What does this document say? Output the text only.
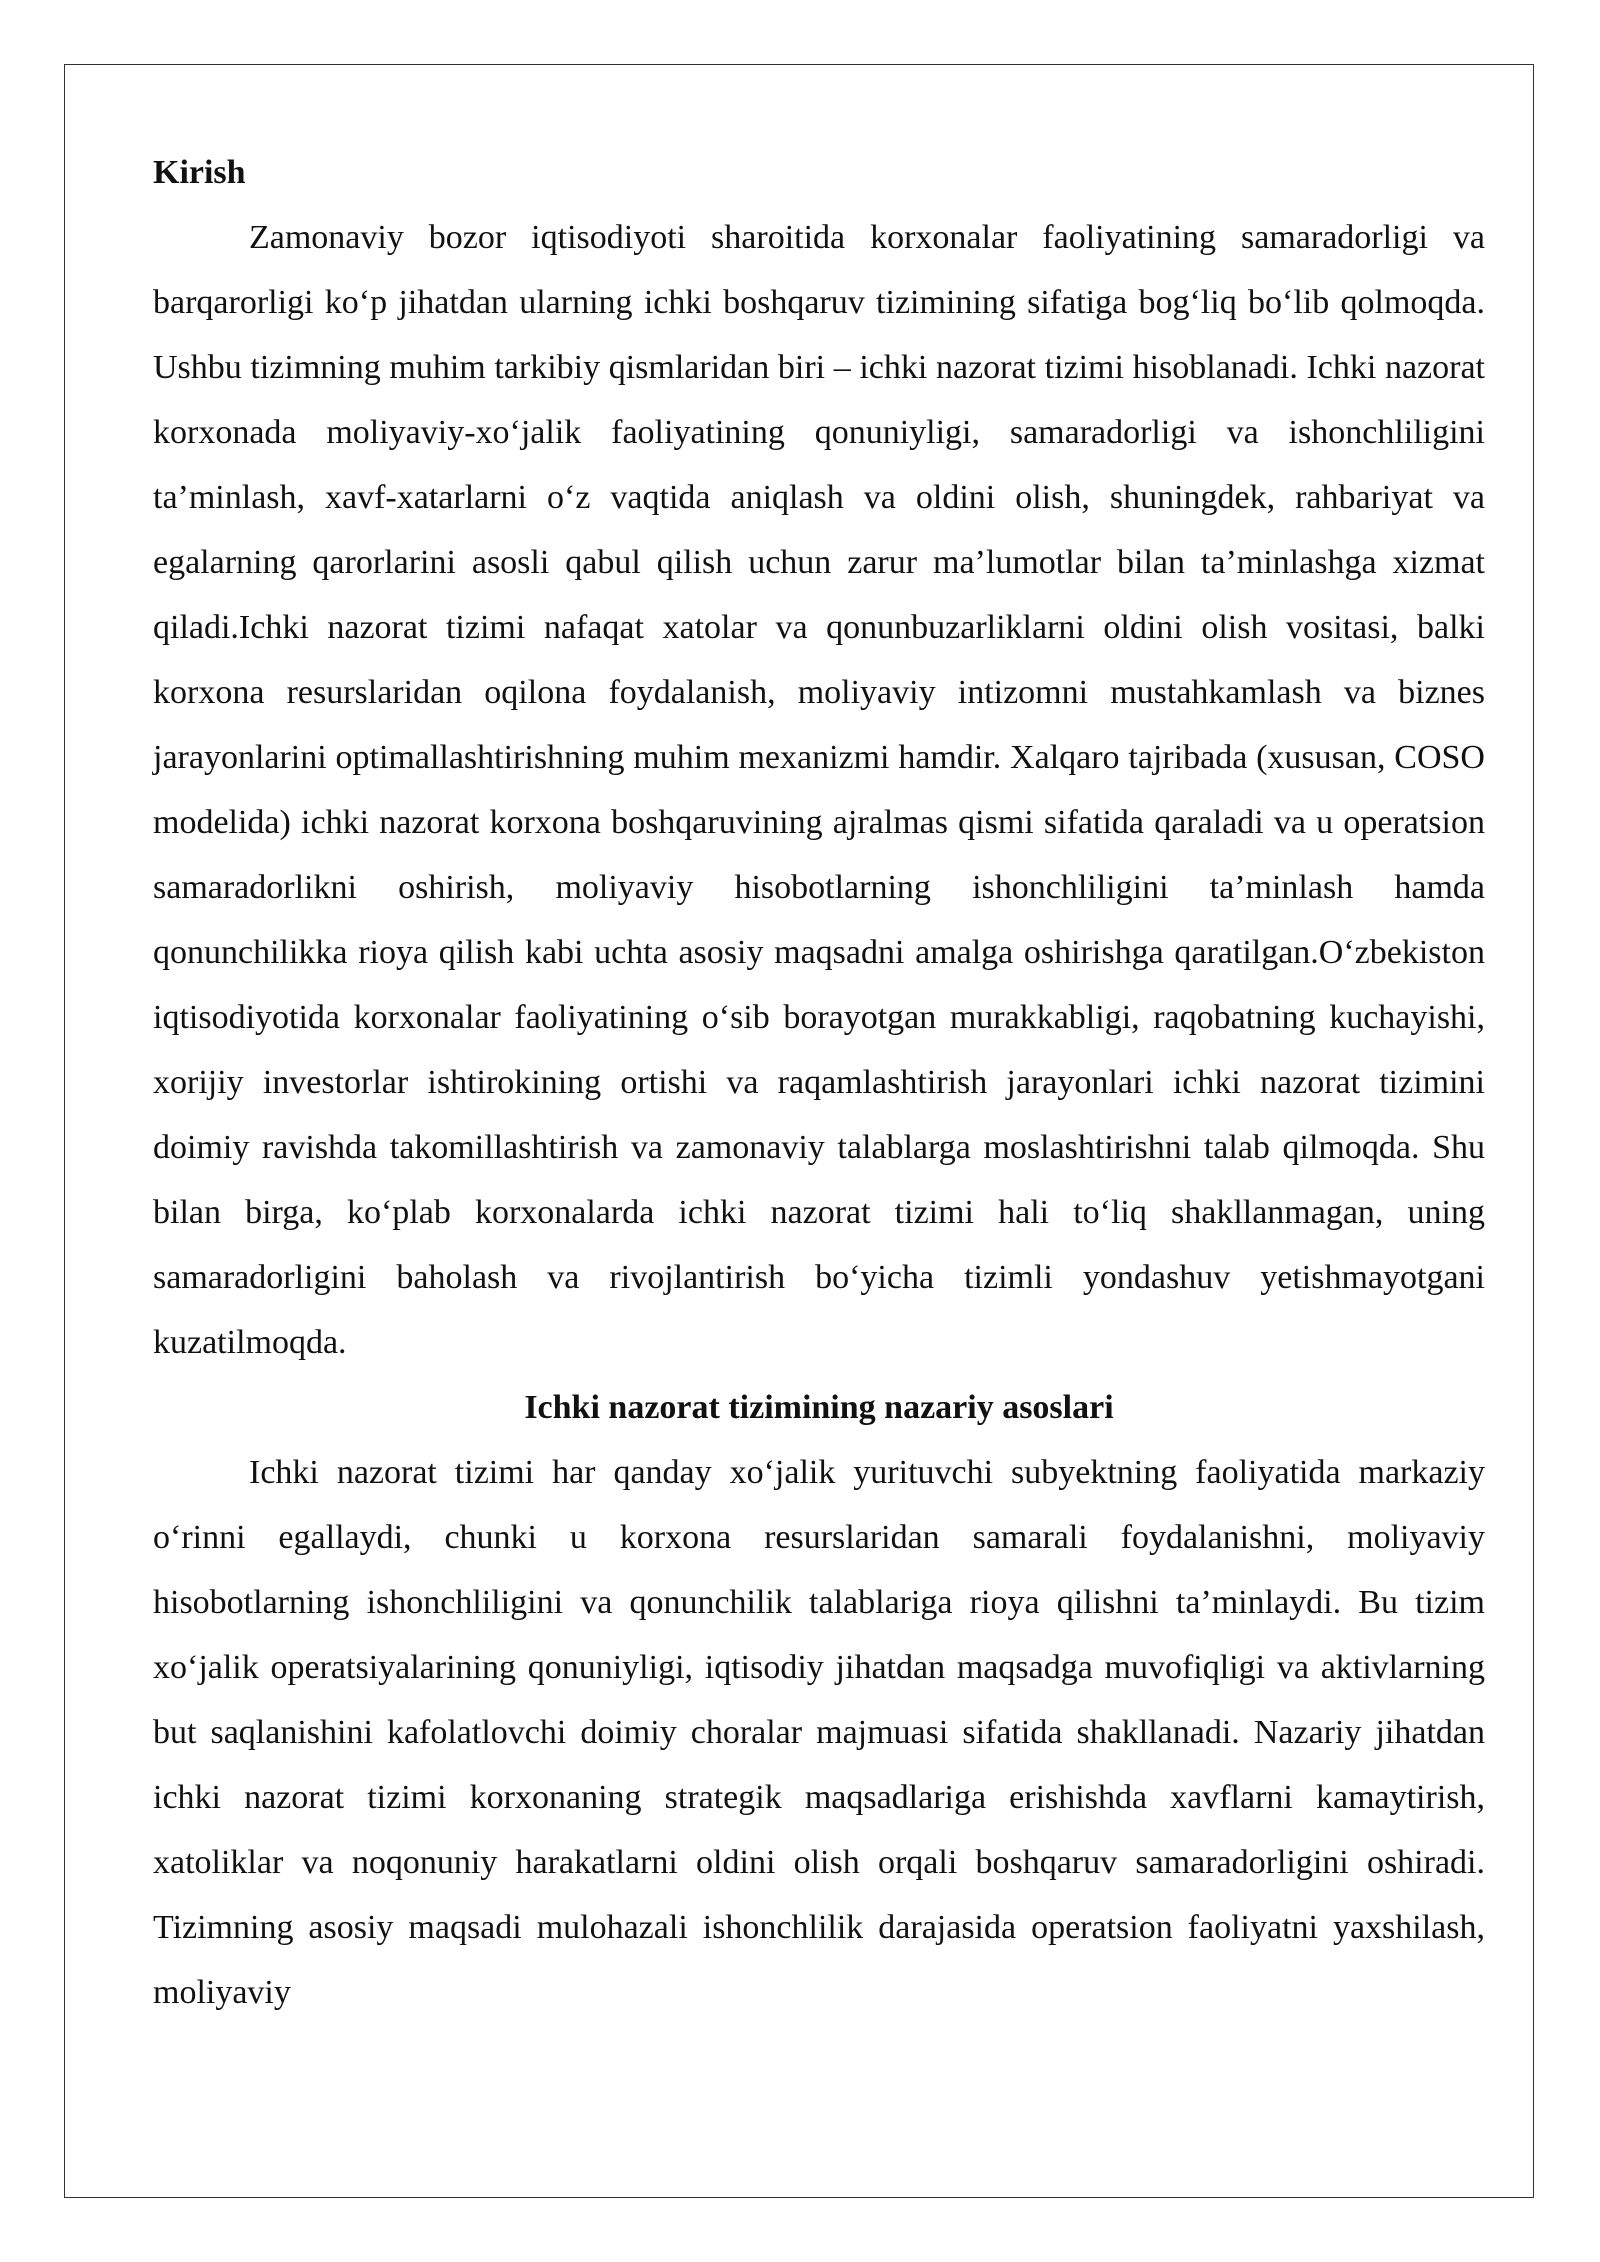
Kirish

Zamonaviy bozor iqtisodiyoti sharoitida korxonalar faoliyatining samaradorligi va barqarorligi ko‘p jihatdan ularning ichki boshqaruv tizimining sifatiga bog‘liq bo‘lib qolmoqda. Ushbu tizimning muhim tarkibiy qismlaridan biri – ichki nazorat tizimi hisoblanadi. Ichki nazorat korxonada moliyaviy-xo‘jalik faoliyatining qonuniyligi, samaradorligi va ishonchliligini ta’minlash, xavf-xatarlarni o‘z vaqtida aniqlash va oldini olish, shuningdek, rahbariyat va egalarning qarorlarini asosli qabul qilish uchun zarur ma’lumotlar bilan ta’minlashga xizmat qiladi.Ichki nazorat tizimi nafaqat xatolar va qonunbuzarliklarni oldini olish vositasi, balki korxona resurslaridan oqilona foydalanish, moliyaviy intizomni mustahkamlash va biznes jarayonlarini optimallashtirishning muhim mexanizmi hamdir. Xalqaro tajribada (xususan, COSO modelida) ichki nazorat korxona boshqaruvining ajralmas qismi sifatida qaraladi va u operatsion samaradorlikni oshirish, moliyaviy hisobotlarning ishonchliligini ta’minlash hamda qonunchilikka rioya qilish kabi uchta asosiy maqsadni amalga oshirishga qaratilgan.O‘zbekiston iqtisodiyotida korxonalar faoliyatining o‘sib borayotgan murakkabligi, raqobatning kuchayishi, xorijiy investorlar ishtirokining ortishi va raqamlashtirish jarayonlari ichki nazorat tizimini doimiy ravishda takomillashtirish va zamonaviy talablarga moslashtirishni talab qilmoqda. Shu bilan birga, ko‘plab korxonalarda ichki nazorat tizimi hali to‘liq shakllanmagan, uning samaradorligini baholash va rivojlantirish bo‘yicha tizimli yondashuv yetishmayotgani kuzatilmoqda.

Ichki nazorat tizimining nazariy asoslari

Ichki nazorat tizimi har qanday xo‘jalik yurituvchi subyektning faoliyatida markaziy o‘rinni egallaydi, chunki u korxona resurslaridan samarali foydalanishni, moliyaviy hisobotlarning ishonchliligini va qonunchilik talablariga rioya qilishni ta’minlaydi. Bu tizim xo‘jalik operatsiyalarining qonuniyligi, iqtisodiy jihatdan maqsadga muvofiqligi va aktivlarning but saqlanishini kafolatlovchi doimiy choralar majmuasi sifatida shakllanadi. Nazariy jihatdan ichki nazorat tizimi korxonaning strategik maqsadlariga erishishda xavflarni kamaytirish, xatoliklar va noqonuniy harakatlarni oldini olish orqali boshqaruv samaradorligini oshiradi. Tizimning asosiy maqsadi mulohazali ishonchlilik darajasida operatsion faoliyatni yaxshilash, moliyaviy
